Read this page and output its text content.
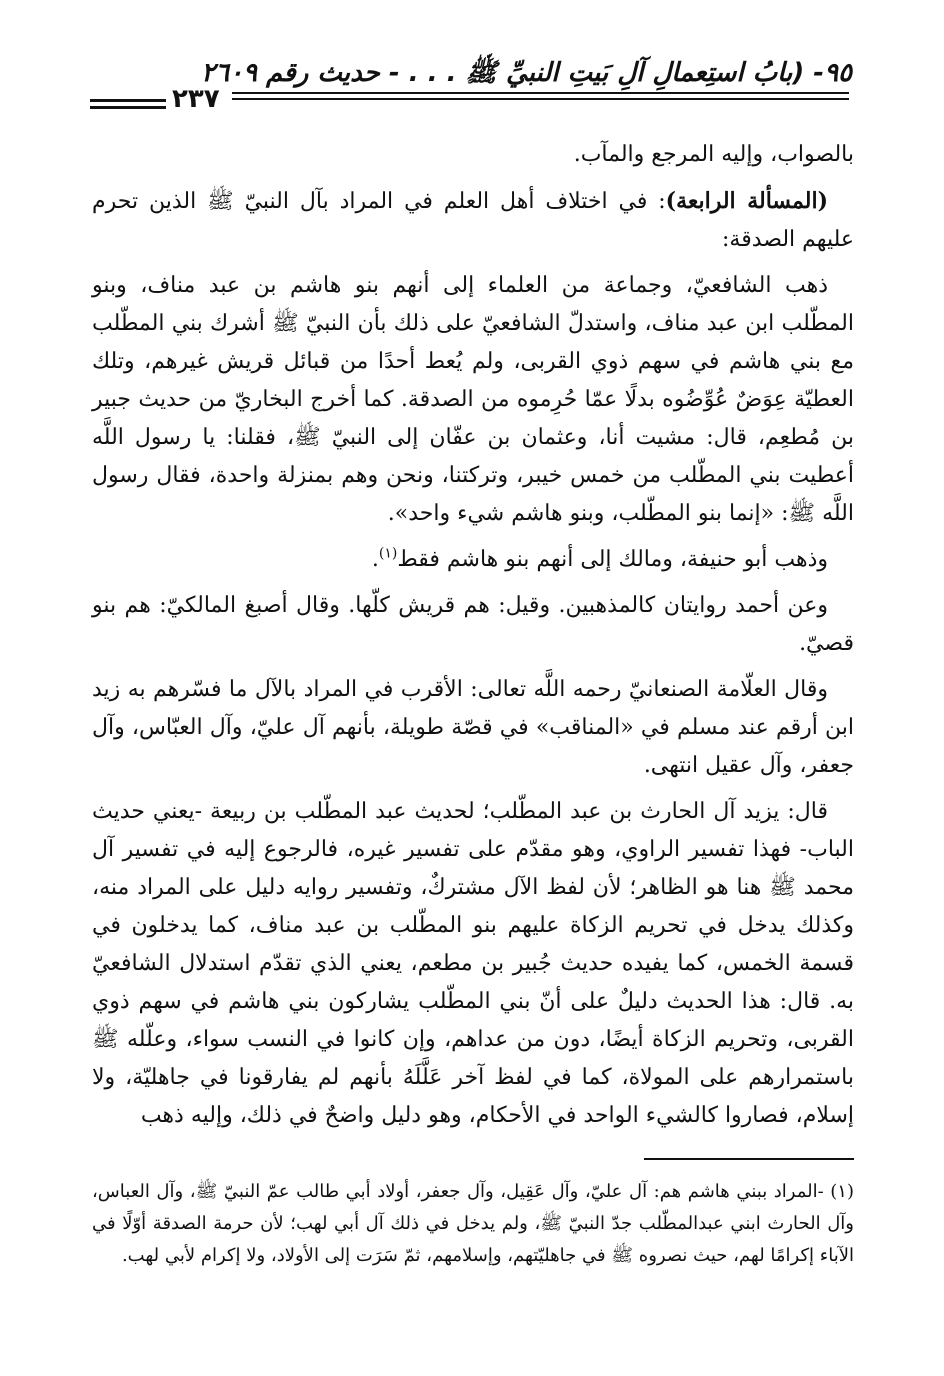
٩٥- (بابُ استِعمالِ آلِ بَيتِ النبيِّ ﷺ . . . - حديث رقم ٢٦٠٩
٢٣٧

بالصواب، وإليه المرجع والمآب.

(المسألة الرابعة): في اختلاف أهل العلم في المراد بآل النبيّ ﷺ الذين تحرم عليهم الصدقة:

ذهب الشافعيّ، وجماعة من العلماء إلى أنهم بنو هاشم بن عبد مناف، وبنو المطّلب ابن عبد مناف، واستدلّ الشافعيّ على ذلك بأن النبيّ ﷺ أشرك بني المطّلب مع بني هاشم في سهم ذوي القربى، ولم يُعط أحدًا من قبائل قريش غيرهم، وتلك العطيّة عِوَضٌ عُوِّضُوه بدلًا عمّا حُرِموه من الصدقة. كما أخرج البخاريّ من حديث جبير بن مُطعِم، قال: مشيت أنا، وعثمان بن عفّان إلى النبيّ ﷺ، فقلنا: يا رسول اللَّه أعطيت بني المطّلب من خمس خيبر، وتركتنا، ونحن وهم بمنزلة واحدة، فقال رسول اللَّه ﷺ: «إنما بنو المطّلب، وبنو هاشم شيء واحد».

وذهب أبو حنيفة، ومالك إلى أنهم بنو هاشم فقط$^{(١)}$.

وعن أحمد روايتان كالمذهبين. وقيل: هم قريش كلّها. وقال أصبغ المالكيّ: هم بنو قصيّ.

وقال العلّامة الصنعانيّ رحمه اللَّه تعالى: الأقرب في المراد بالآل ما فسّرهم به زيد ابن أرقم عند مسلم في «المناقب» في قصّة طويلة، بأنهم آل عليّ، وآل العبّاس، وآل جعفر، وآل عقيل انتهى.

قال: يزيد آل الحارث بن عبد المطّلب؛ لحديث عبد المطّلب بن ربيعة -يعني حديث الباب- فهذا تفسير الراوي، وهو مقدّم على تفسير غيره، فالرجوع إليه في تفسير آل محمد ﷺ هنا هو الظاهر؛ لأن لفظ الآل مشتركٌ، وتفسير روايه دليل على المراد منه، وكذلك يدخل في تحريم الزكاة عليهم بنو المطّلب بن عبد مناف، كما يدخلون في قسمة الخمس، كما يفيده حديث جُبير بن مطعم، يعني الذي تقدّم استدلال الشافعيّ به. قال: هذا الحديث دليلٌ على أنّ بني المطّلب يشاركون بني هاشم في سهم ذوي القربى، وتحريم الزكاة أيضًا، دون من عداهم، وإن كانوا في النسب سواء، وعلّله ﷺ باستمرارهم على المولاة، كما في لفظ آخر عَلَّلَهُ بأنهم لم يفارقونا في جاهليّة، ولا إسلام، فصاروا كالشيء الواحد في الأحكام، وهو دليل واضحٌ في ذلك، وإليه ذهب

(١) -المراد ببني هاشم هم: آل عليّ، وآل عَقِيل، وآل جعفر، أولاد أبي طالب عمّ النبيّ ﷺ، وآل العباس، وآل الحارث ابني عبدالمطّلب جدّ النبيّ ﷺ، ولم يدخل في ذلك آل أبي لهب؛ لأن حرمة الصدقة أوّلًا في الآباء إكرامًا لهم، حيث نصروه ﷺ في جاهليّتهم، وإسلامهم، ثمّ سَرَت إلى الأولاد، ولا إكرام لأبي لهب.
